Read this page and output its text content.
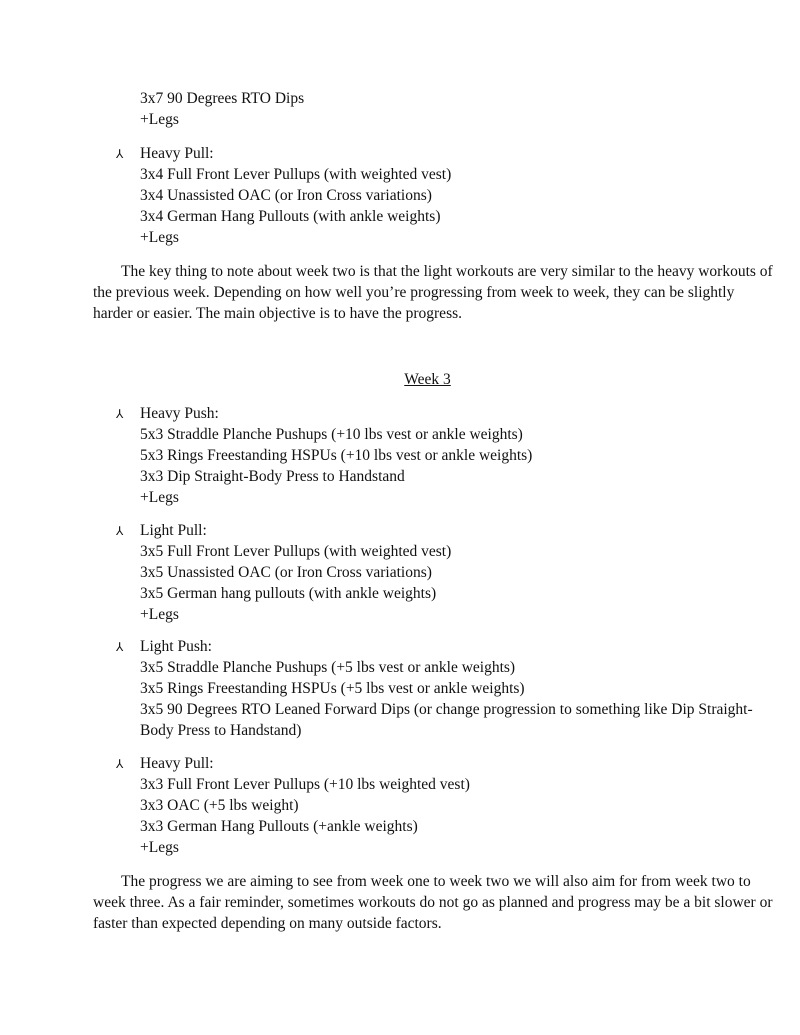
3x7 90 Degrees RTO Dips
+Legs
⅄ Heavy Pull:
3x4 Full Front Lever Pullups (with weighted vest)
3x4 Unassisted OAC (or Iron Cross variations)
3x4 German Hang Pullouts (with ankle weights)
+Legs
The key thing to note about week two is that the light workouts are very similar to the heavy workouts of the previous week. Depending on how well you’re progressing from week to week, they can be slightly harder or easier. The main objective is to have the progress.
Week 3
⅄ Heavy Push:
5x3 Straddle Planche Pushups (+10 lbs vest or ankle weights)
5x3 Rings Freestanding HSPUs (+10 lbs vest or ankle weights)
3x3 Dip Straight-Body Press to Handstand
+Legs
⅄ Light Pull:
3x5 Full Front Lever Pullups (with weighted vest)
3x5 Unassisted OAC (or Iron Cross variations)
3x5 German hang pullouts (with ankle weights)
+Legs
⅄ Light Push:
3x5 Straddle Planche Pushups (+5 lbs vest or ankle weights)
3x5 Rings Freestanding HSPUs (+5 lbs vest or ankle weights)
3x5 90 Degrees RTO Leaned Forward Dips (or change progression to something like Dip Straight-
Body Press to Handstand)
⅄ Heavy Pull:
3x3 Full Front Lever Pullups (+10 lbs weighted vest)
3x3 OAC (+5 lbs weight)
3x3 German Hang Pullouts (+ankle weights)
+Legs
The progress we are aiming to see from week one to week two we will also aim for from week two to week three. As a fair reminder, sometimes workouts do not go as planned and progress may be a bit slower or faster than expected depending on many outside factors.
